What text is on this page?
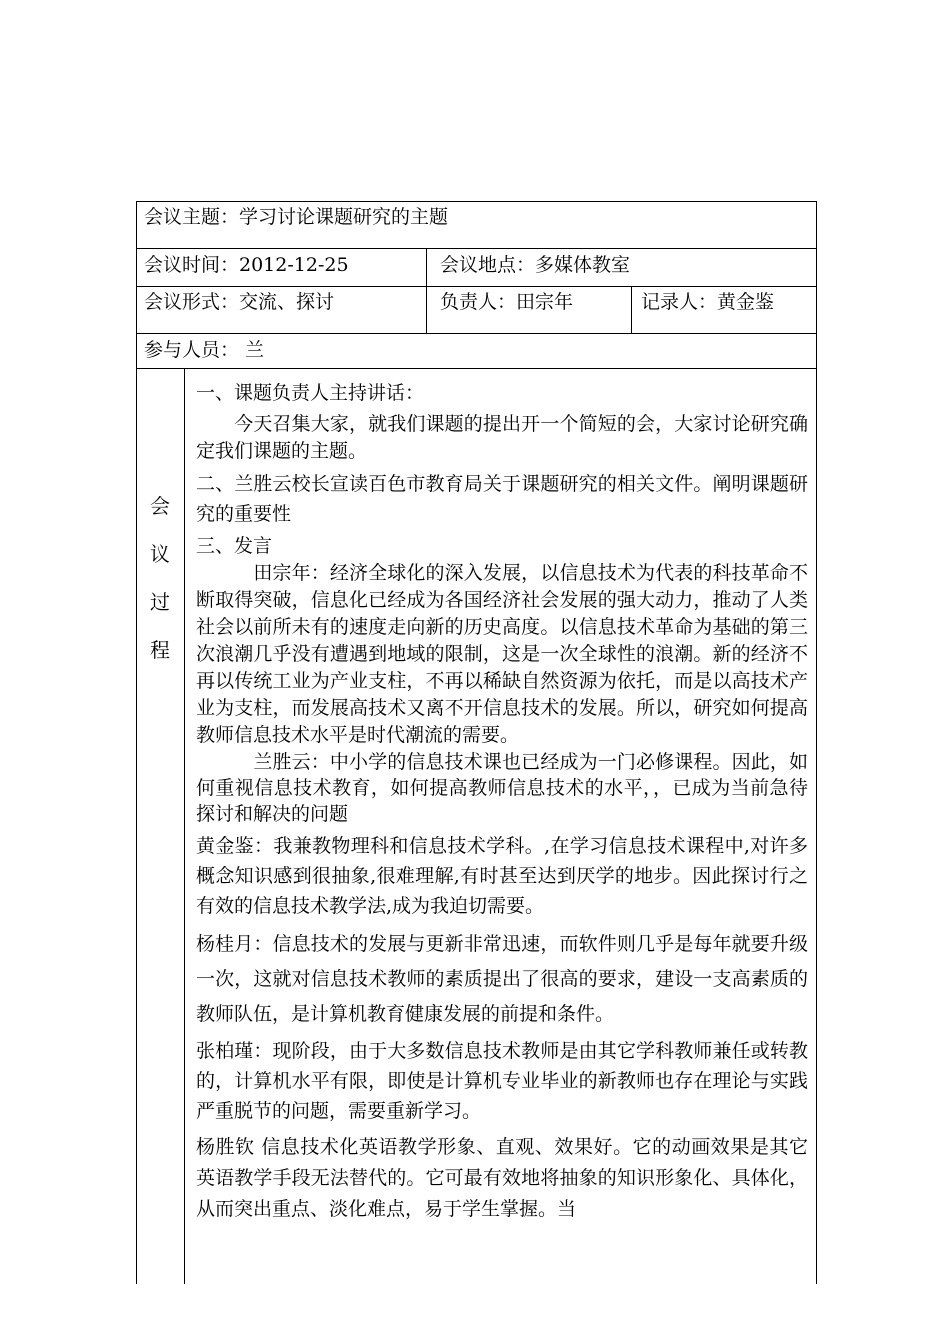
会议主题：学习讨论课题研究的主题
会议时间：2012-12-25	会议地点：多媒体教室
会议形式：交流、探讨	负责人：田宗年	记录人：黄金鉴
参与人员： 兰
会
议
过
程

一、课题负责人主持讲话：

　　今天召集大家，就我们课题的提出开一个简短的会，大家讨论研究确定我们课题的主题。

二、兰胜云校长宣读百色市教育局关于课题研究的相关文件。阐明课题研究的重要性

三、发言

　　　田宗年：经济全球化的深入发展，以信息技术为代表的科技革命不断取得突破，信息化已经成为各国经济社会发展的强大动力，推动了人类社会以前所未有的速度走向新的历史高度。以信息技术革命为基础的第三次浪潮几乎没有遭遇到地域的限制，这是一次全球性的浪潮。新的经济不再以传统工业为产业支柱，不再以稀缺自然资源为依托，而是以高技术产业为支柱，而发展高技术又离不开信息技术的发展。所以，研究如何提高教师信息技术水平是时代潮流的需要。

　　　兰胜云：中小学的信息技术课也已经成为一门必修课程。因此，如何重视信息技术教育，如何提高教师信息技术的水平，，已成为当前急待探讨和解决的问题

黄金鉴：我兼教物理科和信息技术学科。,在学习信息技术课程中,对许多概念知识感到很抽象,很难理解,有时甚至达到厌学的地步。因此探讨行之有效的信息技术教学法,成为我迫切需要。

杨桂月：信息技术的发展与更新非常迅速，而软件则几乎是每年就要升级一次，这就对信息技术教师的素质提出了很高的要求，建设一支高素质的教师队伍，是计算机教育健康发展的前提和条件。

张柏瑾：现阶段，由于大多数信息技术教师是由其它学科教师兼任或转教的，计算机水平有限，即使是计算机专业毕业的新教师也存在理论与实践严重脱节的问题，需要重新学习。

杨胜钦 信息技术化英语教学形象、直观、效果好。它的动画效果是其它英语教学手段无法替代的。它可最有效地将抽象的知识形象化、具体化，从而突出重点、淡化难点，易于学生掌握。当
